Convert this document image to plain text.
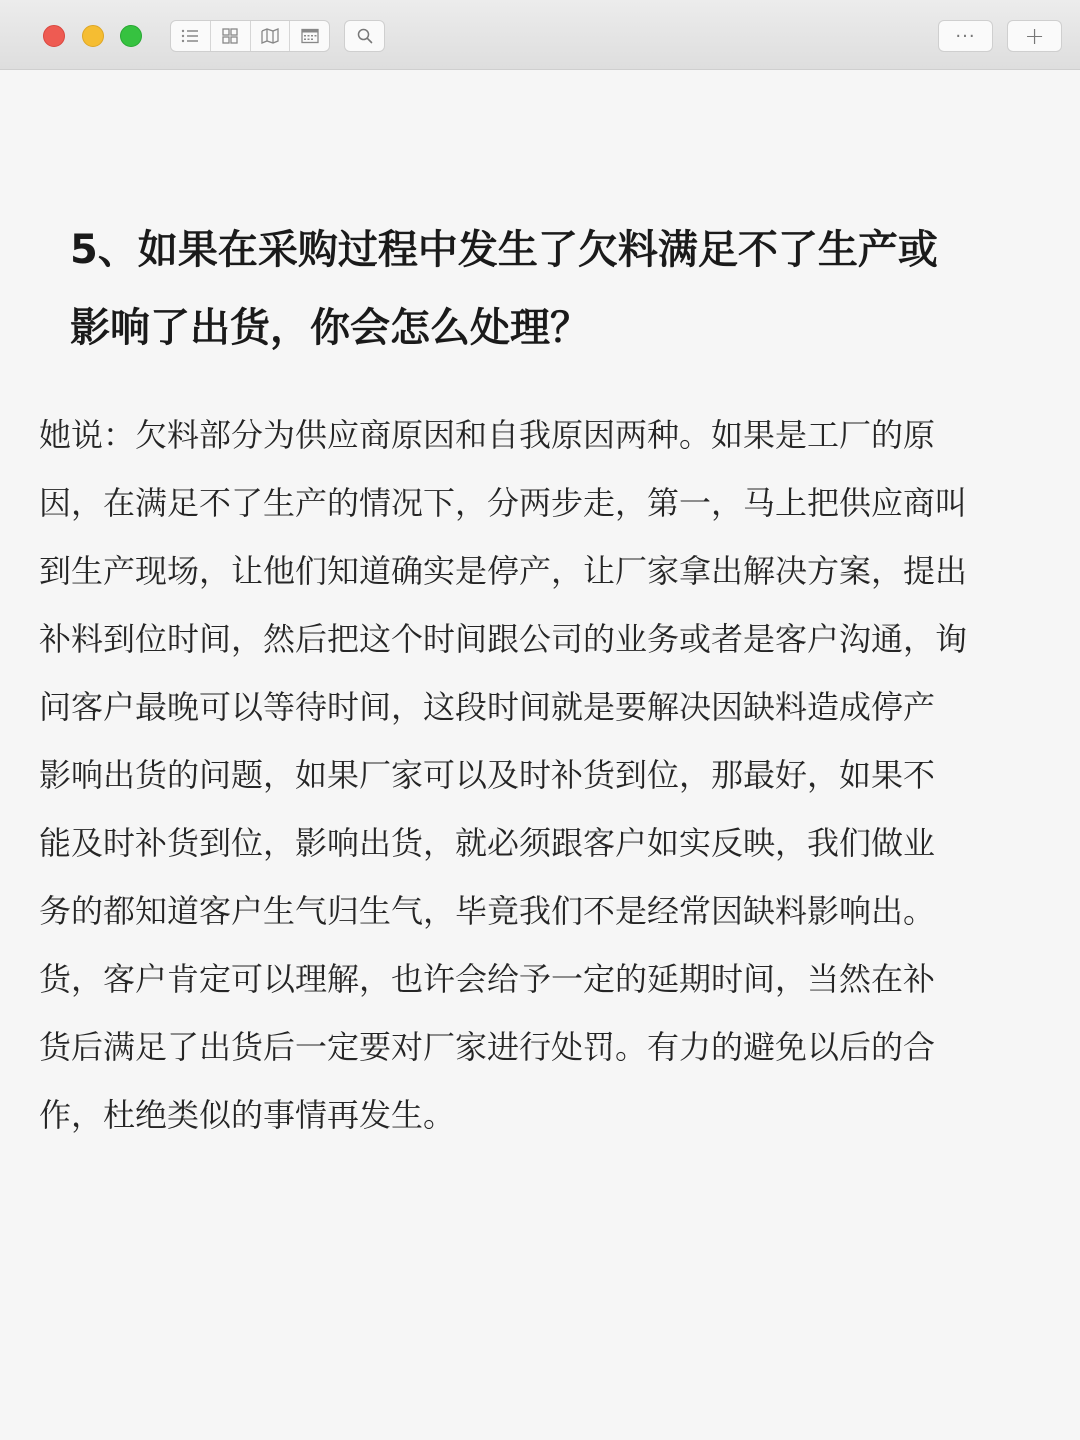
··· +
5、如果在采购过程中发生了欠料满足不了生产或
影响了出货，你会怎么处理？

她说：欠料部分为供应商原因和自我原因两种。如果是工厂的原
因，在满足不了生产的情况下，分两步走，第一，马上把供应商叫
到生产现场，让他们知道确实是停产，让厂家拿出解决方案，提出
补料到位时间，然后把这个时间跟公司的业务或者是客户沟通，询
问客户最晚可以等待时间，这段时间就是要解决因缺料造成停产
影响出货的问题，如果厂家可以及时补货到位，那最好，如果不
能及时补货到位，影响出货，就必须跟客户如实反映，我们做业
务的都知道客户生气归生气，毕竟我们不是经常因缺料影响出。
货，客户肯定可以理解，也许会给予一定的延期时间，当然在补
货后满足了出货后一定要对厂家进行处罚。有力的避免以后的合
作，杜绝类似的事情再发生。
